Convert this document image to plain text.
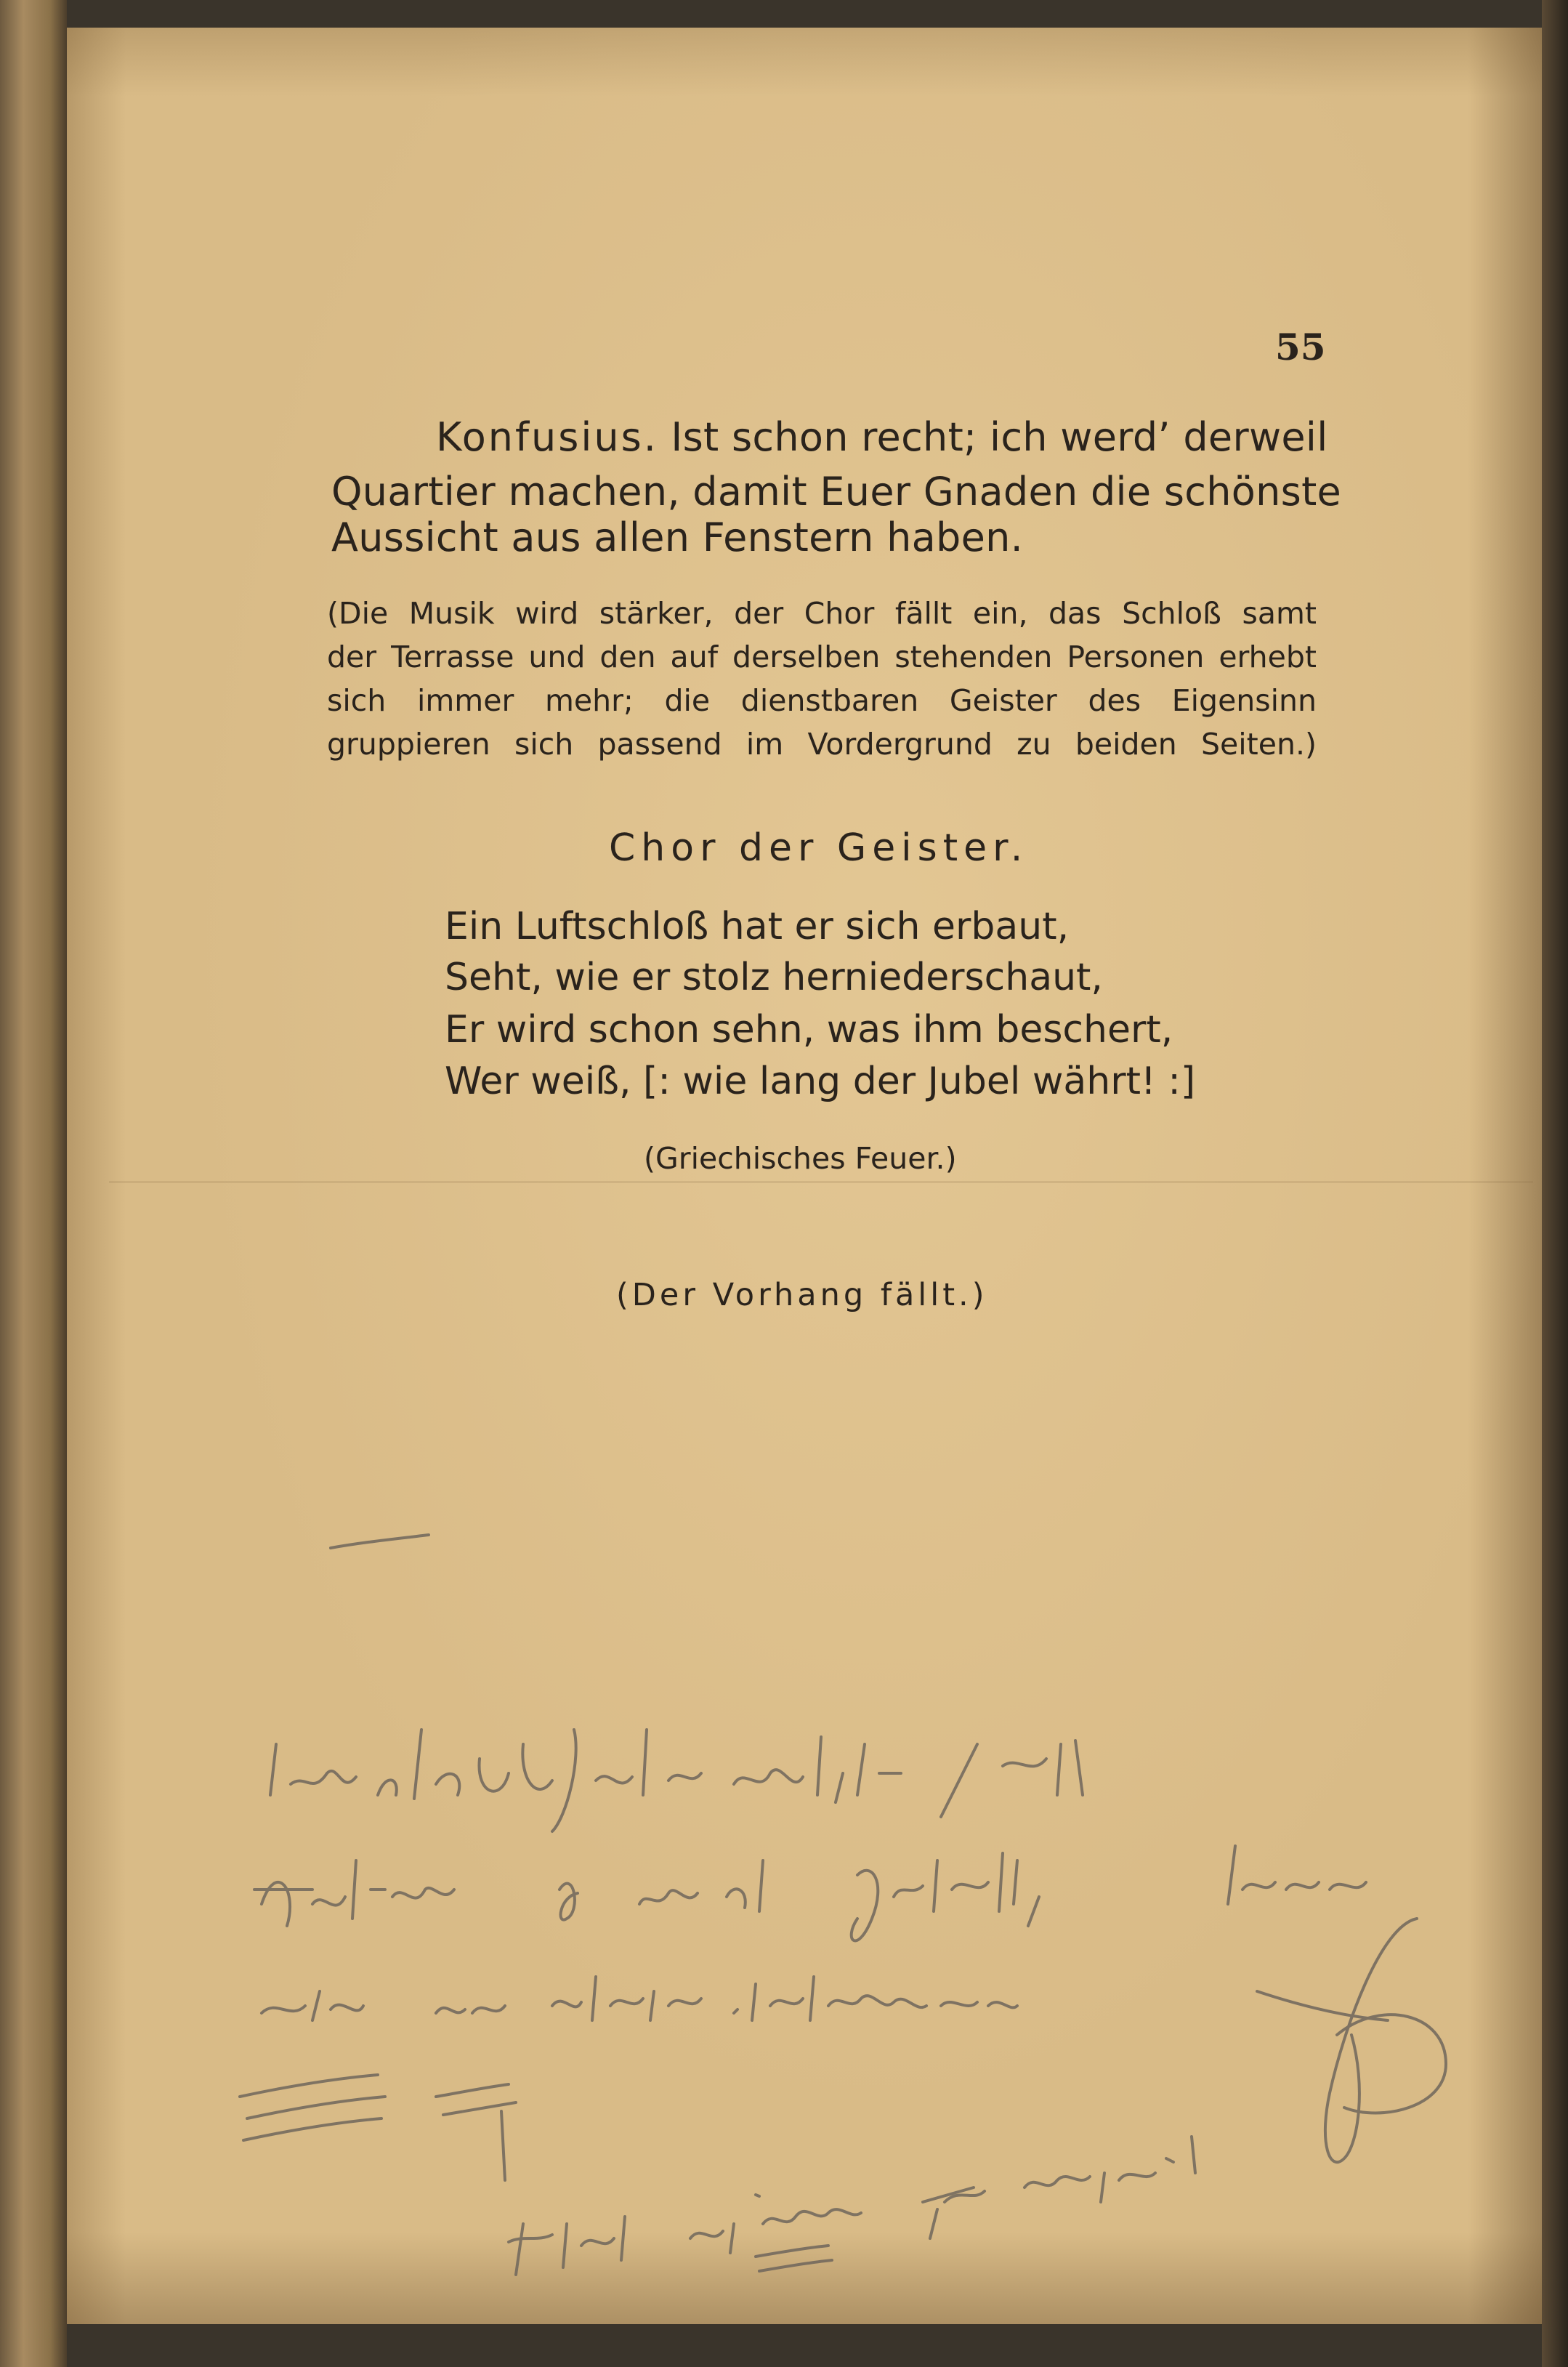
55
Konfusius. Ist schon recht; ich werd’ derweil
Quartier machen, damit Euer Gnaden die schönste
Aussicht aus allen Fenstern haben.
(Die Musik wird stärker, der Chor fällt ein, das Schloß samt
der Terrasse und den auf derselben stehenden Personen erhebt
sich immer mehr; die dienstbaren Geister des Eigensinn
gruppieren sich passend im Vordergrund zu beiden Seiten.)
Chor der Geister.
Ein Luftschloß hat er sich erbaut,
Seht, wie er stolz herniederschaut,
Er wird schon sehn, was ihm beschert,
Wer weiß, [: wie lang der Jubel währt! :]
(Griechisches Feuer.)
(Der Vorhang fällt.)
